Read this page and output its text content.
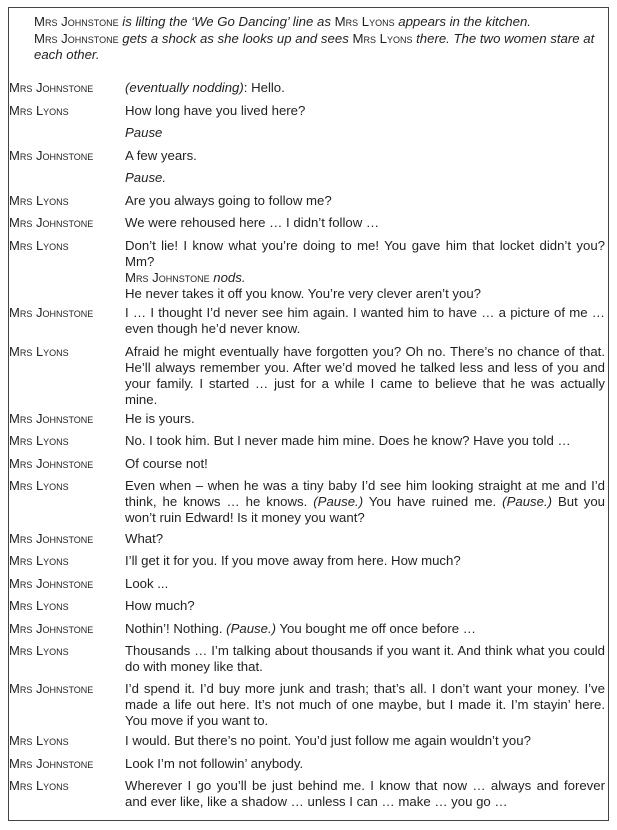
Mrs Johnstone is lilting the ‘We Go Dancing’ line as Mrs Lyons appears in the kitchen.
Mrs Johnstone gets a shock as she looks up and sees Mrs Lyons there. The two women stare at each other.
Mrs Johnstone	(eventually nodding): Hello.
Mrs Lyons	How long have you lived here?
Pause
Mrs Johnstone	A few years.
Pause.
Mrs Lyons	Are you always going to follow me?
Mrs Johnstone	We were rehoused here … I didn’t follow …
Mrs Lyons	Don’t lie! I know what you’re doing to me! You gave him that locket didn’t you? Mm?
Mrs Johnstone nods.
He never takes it off you know. You’re very clever aren’t you?
Mrs Johnstone	I … I thought I’d never see him again. I wanted him to have … a picture of me … even though he’d never know.
Mrs Lyons	Afraid he might eventually have forgotten you? Oh no. There’s no chance of that. He’ll always remember you. After we’d moved he talked less and less of you and your family. I started … just for a while I came to believe that he was actually mine.
Mrs Johnstone	He is yours.
Mrs Lyons	No. I took him. But I never made him mine. Does he know? Have you told …
Mrs Johnstone	Of course not!
Mrs Lyons	Even when – when he was a tiny baby I’d see him looking straight at me and I’d think, he knows … he knows. (Pause.) You have ruined me. (Pause.) But you won’t ruin Edward! Is it money you want?
Mrs Johnstone	What?
Mrs Lyons	I’ll get it for you. If you move away from here. How much?
Mrs Johnstone	Look ...
Mrs Lyons	How much?
Mrs Johnstone	Nothin’! Nothing. (Pause.) You bought me off once before …
Mrs Lyons	Thousands … I’m talking about thousands if you want it. And think what you could do with money like that.
Mrs Johnstone	I’d spend it. I’d buy more junk and trash; that’s all. I don’t want your money. I’ve made a life out here. It’s not much of one maybe, but I made it. I’m stayin’ here. You move if you want to.
Mrs Lyons	I would. But there’s no point. You’d just follow me again wouldn’t you?
Mrs Johnstone	Look I’m not followin’ anybody.
Mrs Lyons	Wherever I go you’ll be just behind me. I know that now … always and forever and ever like, like a shadow … unless I can … make … you go …
